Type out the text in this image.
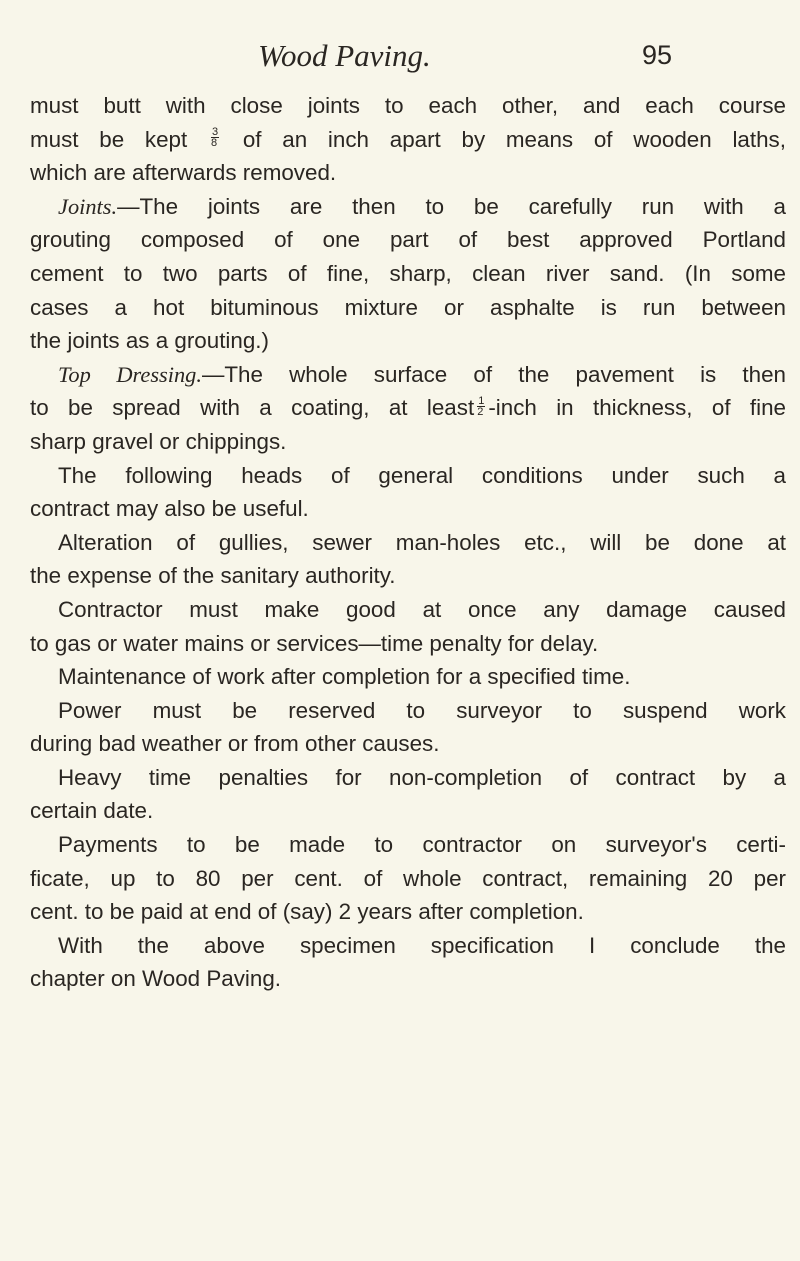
Wood Paving.	95
must butt with close joints to each other, and each course
must be kept $\frac{3}{8}$ of an inch apart by means of wooden laths,
which are afterwards removed.
Joints.—The joints are then to be carefully run with a
grouting composed of one part of best approved Portland
cement to two parts of fine, sharp, clean river sand. (In some
cases a hot bituminous mixture or asphalte is run between
the joints as a grouting.)
Top Dressing.—The whole surface of the pavement is then
to be spread with a coating, at least $\frac{1}{2}$ -inch in thickness, of fine
sharp gravel or chippings.
The following heads of general conditions under such a
contract may also be useful.
Alteration of gullies, sewer man-holes etc., will be done at
the expense of the sanitary authority.
Contractor must make good at once any damage caused
to gas or water mains or services—time penalty for delay.
Maintenance of work after completion for a specified time.
Power must be reserved to surveyor to suspend work
during bad weather or from other causes.
Heavy time penalties for non-completion of contract by a
certain date.
Payments to be made to contractor on surveyor's certi-
ficate, up to 80 per cent. of whole contract, remaining 20 per
cent. to be paid at end of (say) 2 years after completion.
With the above specimen specification I conclude the
chapter on Wood Paving.
